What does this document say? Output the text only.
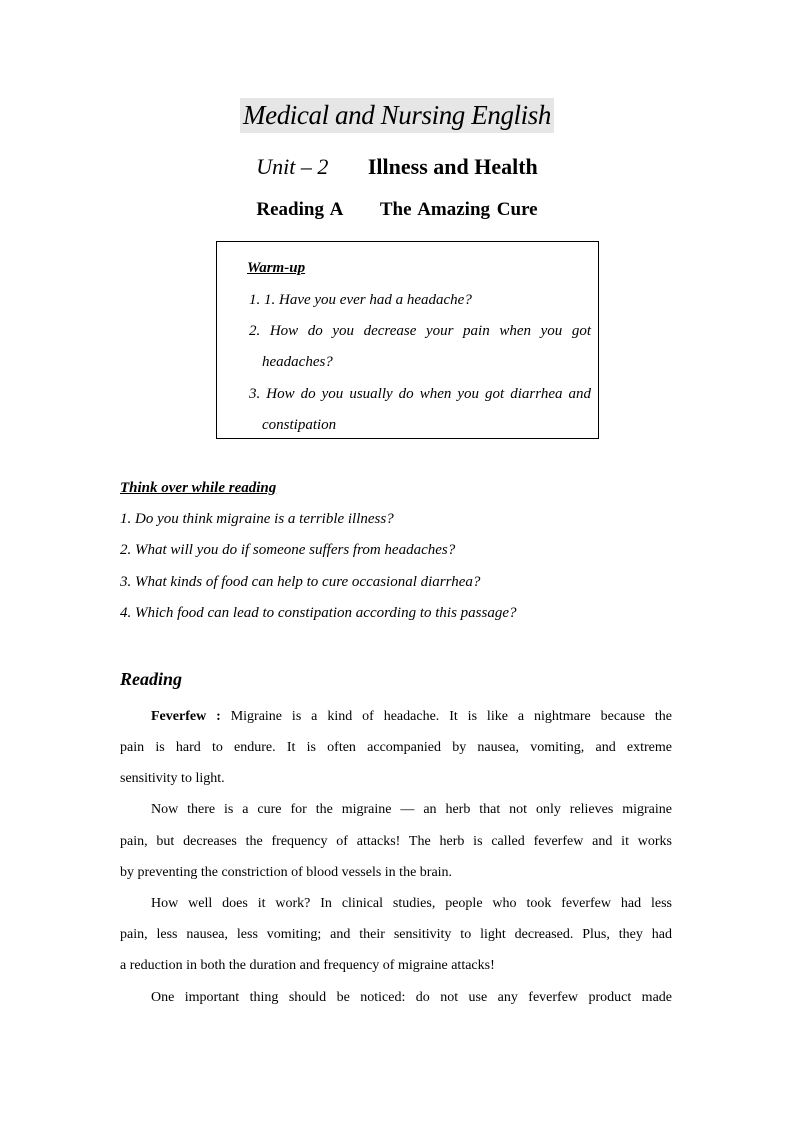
Medical and Nursing English
Unit – 2 Illness and Health
Reading A The Amazing Cure
Warm-up
1. 1. Have you ever had a headache?
2. How do you decrease your pain when you got
headaches?
3. How do you usually do when you got diarrhea and
constipation
Think over while reading
1. Do you think migraine is a terrible illness?
2. What will you do if someone suffers from headaches?
3. What kinds of food can help to cure occasional diarrhea?
4. Which food can lead to constipation according to this passage?
Reading
Feverfew : Migraine is a kind of headache. It is like a nightmare because the
pain is hard to endure. It is often accompanied by nausea, vomiting, and extreme
sensitivity to light.
Now there is a cure for the migraine — an herb that not only relieves migraine
pain, but decreases the frequency of attacks! The herb is called feverfew and it works
by preventing the constriction of blood vessels in the brain.
How well does it work? In clinical studies, people who took feverfew had less
pain, less nausea, less vomiting; and their sensitivity to light decreased. Plus, they had
a reduction in both the duration and frequency of migraine attacks!
One important thing should be noticed: do not use any feverfew product made
